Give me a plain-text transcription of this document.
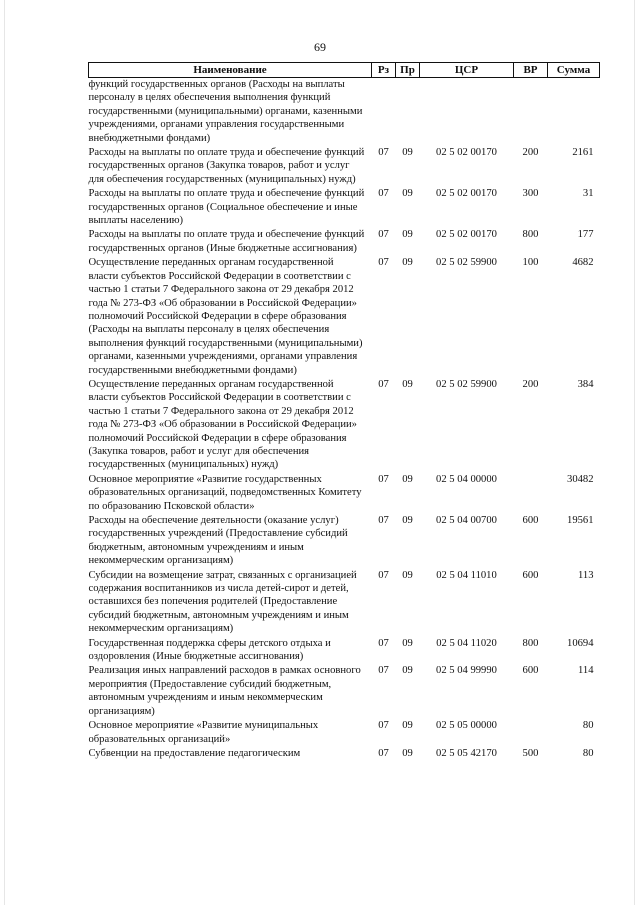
69
Наименование	Рз	Пр	ЦСР	ВР	Сумма
функций государственных органов (Расходы на выплаты персоналу в целях обеспечения выполнения функций государственными (муниципальными) органами, казенными учреждениями, органами управления государственными внебюджетными фондами)					
Расходы на выплаты по оплате труда и обеспечение функций государственных органов (Закупка товаров, работ и услуг для обеспечения государственных (муниципальных) нужд)	07	09	02 5 02 00170	200	2161
Расходы на выплаты по оплате труда и обеспечение функций государственных органов (Социальное обеспечение и иные выплаты населению)	07	09	02 5 02 00170	300	31
Расходы на выплаты по оплате труда и обеспечение функций государственных органов (Иные бюджетные ассигнования)	07	09	02 5 02 00170	800	177
Осуществление переданных органам государственной власти субъектов Российской Федерации в соответствии с частью 1 статьи 7 Федерального закона от 29 декабря 2012 года № 273-ФЗ «Об образовании в Российской Федерации» полномочий Российской Федерации в сфере образования (Расходы на выплаты персоналу в целях обеспечения выполнения функций государственными (муниципальными) органами, казенными учреждениями, органами управления государственными внебюджетными фондами)	07	09	02 5 02 59900	100	4682
Осуществление переданных органам государственной власти субъектов Российской Федерации в соответствии с частью 1 статьи 7 Федерального закона от 29 декабря 2012 года № 273-ФЗ «Об образовании в Российской Федерации» полномочий Российской Федерации в сфере образования (Закупка товаров, работ и услуг для обеспечения государственных (муниципальных) нужд)	07	09	02 5 02 59900	200	384
Основное мероприятие «Развитие государственных образовательных организаций, подведомственных Комитету по образованию Псковской области»	07	09	02 5 04 00000		30482
Расходы на обеспечение деятельности (оказание услуг) государственных учреждений (Предоставление субсидий бюджетным, автономным учреждениям и иным некоммерческим организациям)	07	09	02 5 04 00700	600	19561
Субсидии на возмещение затрат, связанных с организацией содержания воспитанников из числа детей-сирот и детей, оставшихся без попечения родителей (Предоставление субсидий бюджетным, автономным учреждениям и иным некоммерческим организациям)	07	09	02 5 04 11010	600	113
Государственная поддержка сферы детского отдыха и оздоровления (Иные бюджетные ассигнования)	07	09	02 5 04 11020	800	10694
Реализация иных направлений расходов в рамках основного мероприятия (Предоставление субсидий бюджетным, автономным учреждениям и иным некоммерческим организациям)	07	09	02 5 04 99990	600	114
Основное мероприятие «Развитие муниципальных образовательных организаций»	07	09	02 5 05 00000		80
Субвенции на предоставление педагогическим	07	09	02 5 05 42170	500	80
